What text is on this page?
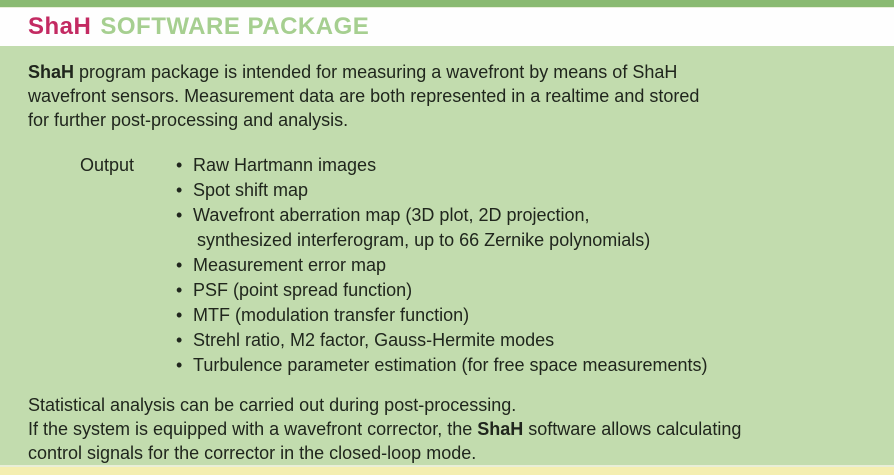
ShaH SOFTWARE PACKAGE

ShaH program package is intended for measuring a wavefront by means of ShaH
wavefront sensors. Measurement data are both represented in a realtime and stored
for further post-processing and analysis.

Output	• Raw Hartmann images
• Spot shift map
• Wavefront aberration map (3D plot, 2D projection,
synthesized interferogram, up to 66 Zernike polynomials)
• Measurement error map
• PSF (point spread function)
• MTF (modulation transfer function)
• Strehl ratio, M2 factor, Gauss-Hermite modes
• Turbulence parameter estimation (for free space measurements)

Statistical analysis can be carried out during post-processing.
If the system is equipped with a wavefront corrector, the ShaH software allows calculating
control signals for the corrector in the closed-loop mode.
